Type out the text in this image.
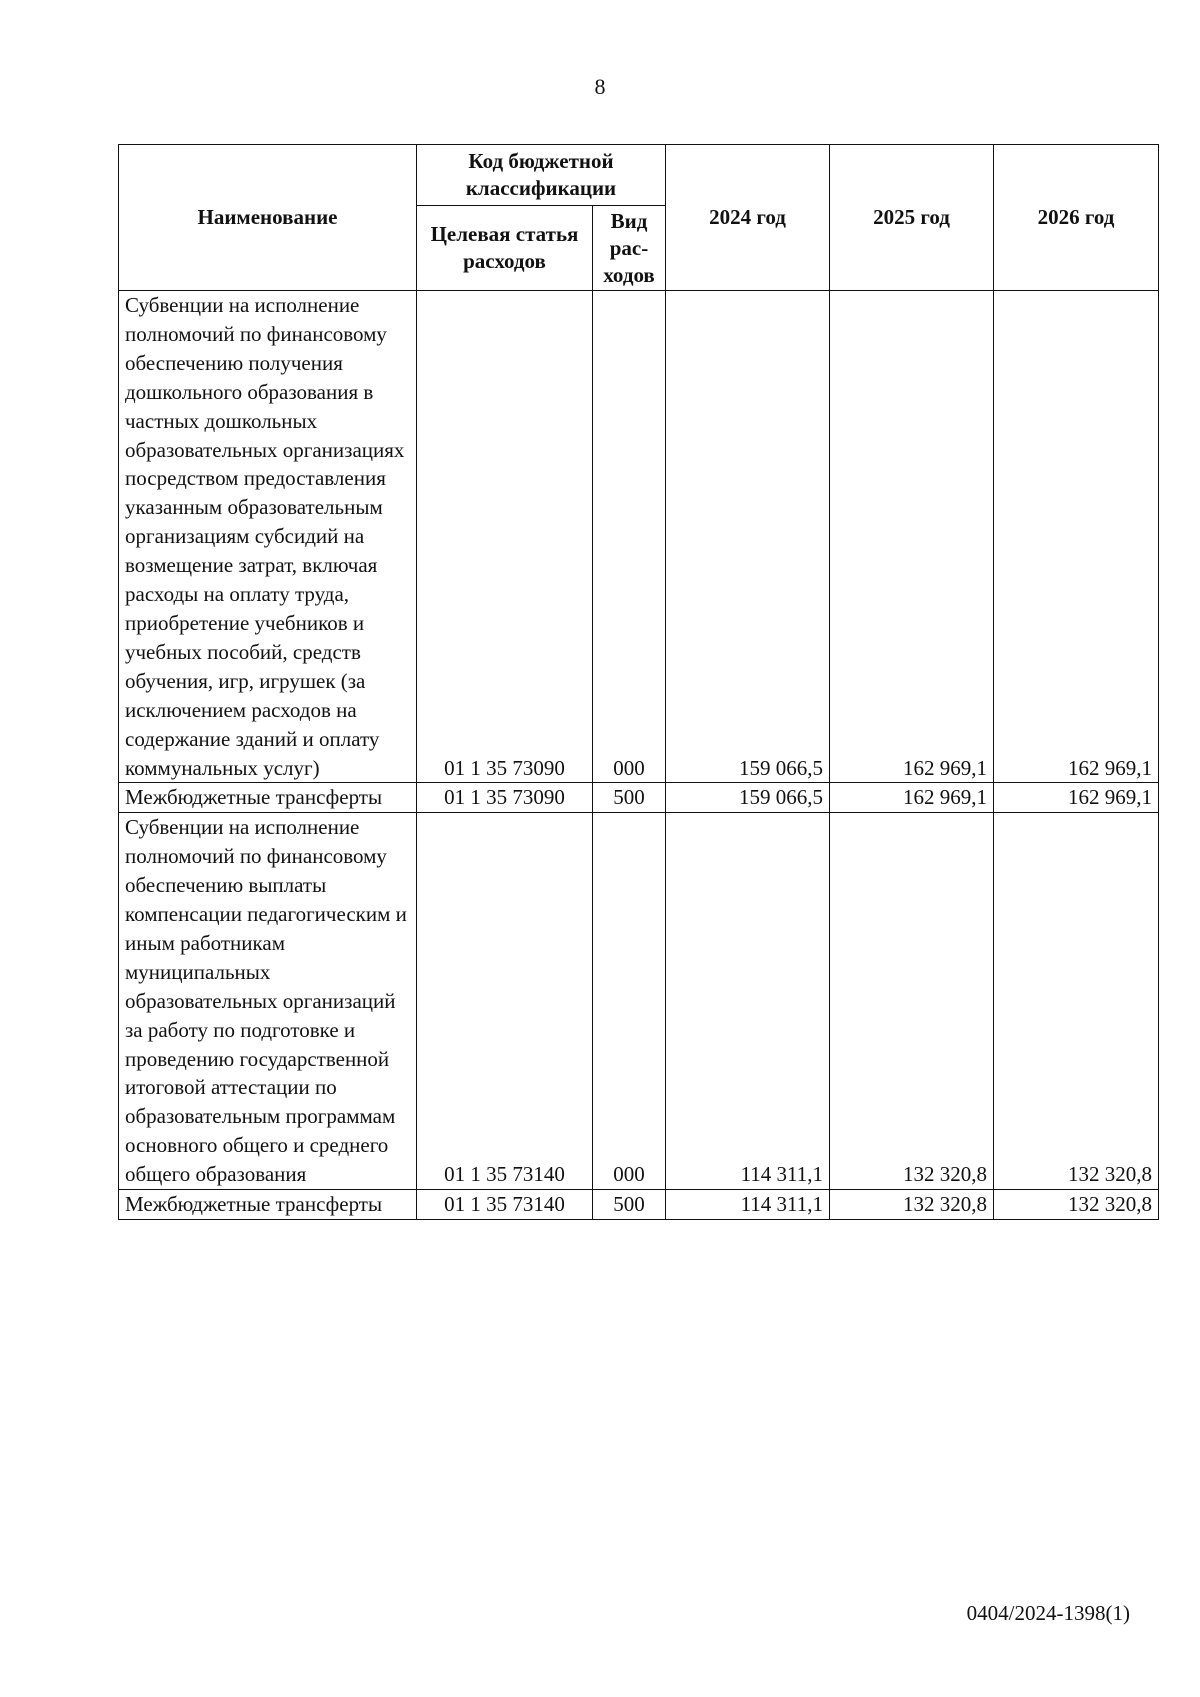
8
Наименование	Код бюджетной классификации		2024 год	2025 год	2026 год
	Целевая статья расходов	Вид рас-ходов			
Субвенции на исполнение полномочий по финансовому обеспечению получения дошкольного образования в частных дошкольных образовательных организациях посредством предоставления указанным образовательным организациям субсидий на возмещение затрат, включая расходы на оплату труда, приобретение учебников и учебных пособий, средств обучения, игр, игрушек (за исключением расходов на содержание зданий и оплату коммунальных услуг)	01 1 35 73090	000	159 066,5	162 969,1	162 969,1
Межбюджетные трансферты	01 1 35 73090	500	159 066,5	162 969,1	162 969,1
Субвенции на исполнение полномочий по финансовому обеспечению выплаты компенсации педагогическим и иным работникам муниципальных образовательных организаций за работу по подготовке и проведению государственной итоговой аттестации по образовательным программам основного общего и среднего общего образования	01 1 35 73140	000	114 311,1	132 320,8	132 320,8
Межбюджетные трансферты	01 1 35 73140	500	114 311,1	132 320,8	132 320,8
0404/2024-1398(1)
